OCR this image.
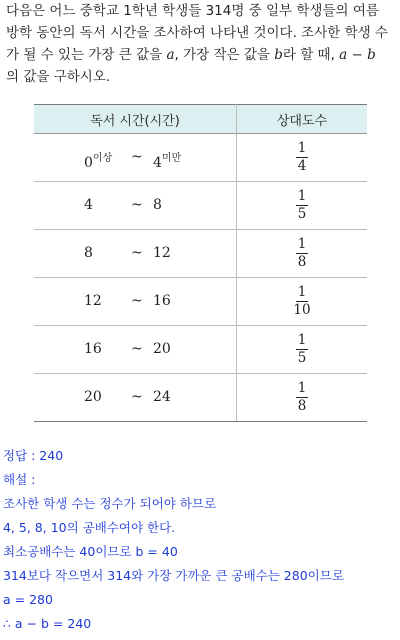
다음은 어느 중학교 1학년 학생들 314명 중 일부 학생들의 여름
방학 동안의 독서 시간을 조사하여 나타낸 것이다. 조사한 학생 수
가 될 수 있는 가장 큰 값을 a, 가장 작은 값을 b라 할 때, a − b
의 값을 구하시오.
독서 시간(시간)	상대도수

$0^{이상}$ ~ $4^{미만}$	$\frac{1}{4}$

4 ~ 8	$\frac{1}{5}$

8 ~ 12	$\frac{1}{8}$

12 ~ 16	$\frac{1}{10}$

16 ~ 20	$\frac{1}{5}$

20 ~ 24	$\frac{1}{8}$
정답 : 240
해설 :
조사한 학생 수는 정수가 되어야 하므로
4, 5, 8, 10의 공배수여야 한다.
최소공배수는 40이므로 b = 40
314보다 작으면서 314와 가장 가까운 큰 공배수는 280이므로
a = 280
∴ a − b = 240
